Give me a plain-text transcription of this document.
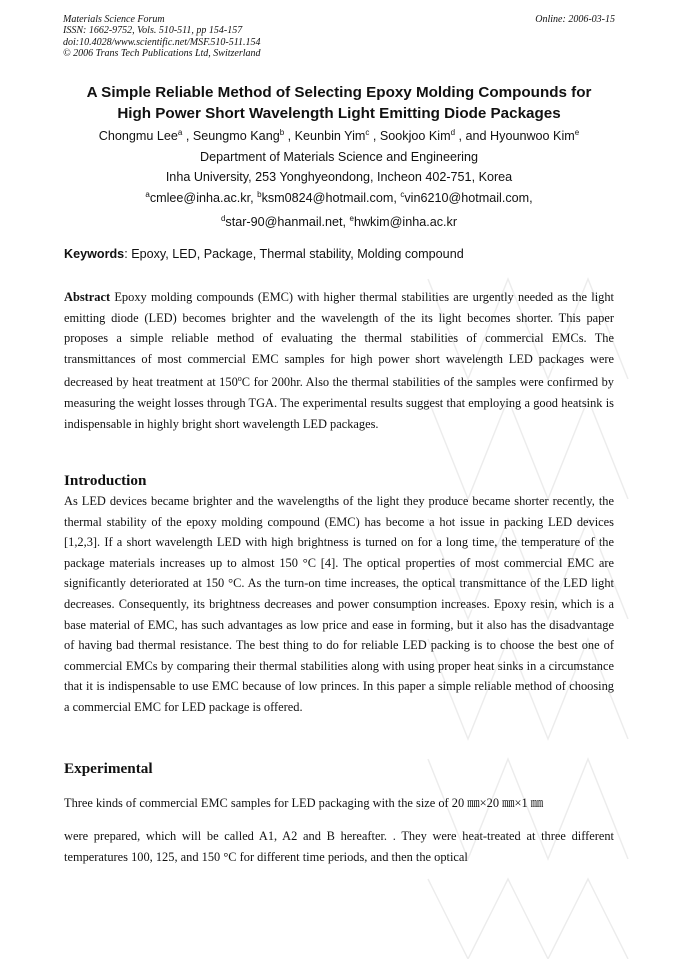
Materials Science Forum
ISSN: 1662-9752, Vols. 510-511, pp 154-157
doi:10.4028/www.scientific.net/MSF.510-511.154
© 2006 Trans Tech Publications Ltd, Switzerland
Online: 2006-03-15
A Simple Reliable Method of Selecting Epoxy Molding Compounds for
High Power Short Wavelength Light Emitting Diode Packages
Chongmu Lee$^a$ , Seungmo Kang$^b$ , Keunbin Yim$^c$ , Sookjoo Kim$^d$ , and Hyounwoo Kim$^e$
Department of Materials Science and Engineering
Inha University, 253 Yonghyeondong, Incheon 402-751, Korea
$^a$cmlee@inha.ac.kr, $^b$ksm0824@hotmail.com, $^c$vin6210@hotmail.com,
$^d$star-90@hanmail.net, $^e$hwkim@inha.ac.kr
Keywords: Epoxy, LED, Package, Thermal stability, Molding compound
Abstract Epoxy molding compounds (EMC) with higher thermal stabilities are urgently needed as the light emitting diode (LED) becomes brighter and the wavelength of the its light becomes shorter. This paper proposes a simple reliable method of evaluating the thermal stabilities of commercial EMCs. The transmittances of most commercial EMC samples for high power short wavelength LED packages were decreased by heat treatment at 150$^o$C for 200hr. Also the thermal stabilities of the samples were confirmed by measuring the weight losses through TGA. The experimental results suggest that employing a good heatsink is indispensable in highly bright short wavelength LED packages.
Introduction
As LED devices became brighter and the wavelengths of the light they produce became shorter recently, the thermal stability of the epoxy molding compound (EMC) has become a hot issue in packing LED devices [1,2,3]. If a short wavelength LED with high brightness is turned on for a long time, the temperature of the package materials increases up to almost 150 °C [4]. The optical properties of most commercial EMC are significantly deteriorated at 150 °C. As the turn-on time increases, the optical transmittance of the LED light decreases. Consequently, its brightness decreases and power consumption increases. Epoxy resin, which is a base material of EMC, has such advantages as low price and ease in forming, but it also has the disadvantage of having bad thermal resistance. The best thing to do for reliable LED packing is to choose the best one of commercial EMCs by comparing their thermal stabilities along with using proper heat sinks in a circumstance that it is indispensable to use EMC because of low princes. In this paper a simple reliable method of choosing a commercial EMC for LED package is offered.
Experimental
Three kinds of commercial EMC samples for LED packaging with the size of 20 ㎜×20 ㎜×1 ㎜
were prepared, which will be called A1, A2 and B hereafter. . They were heat-treated at three different temperatures 100, 125, and 150 °C for different time periods, and then the optical
